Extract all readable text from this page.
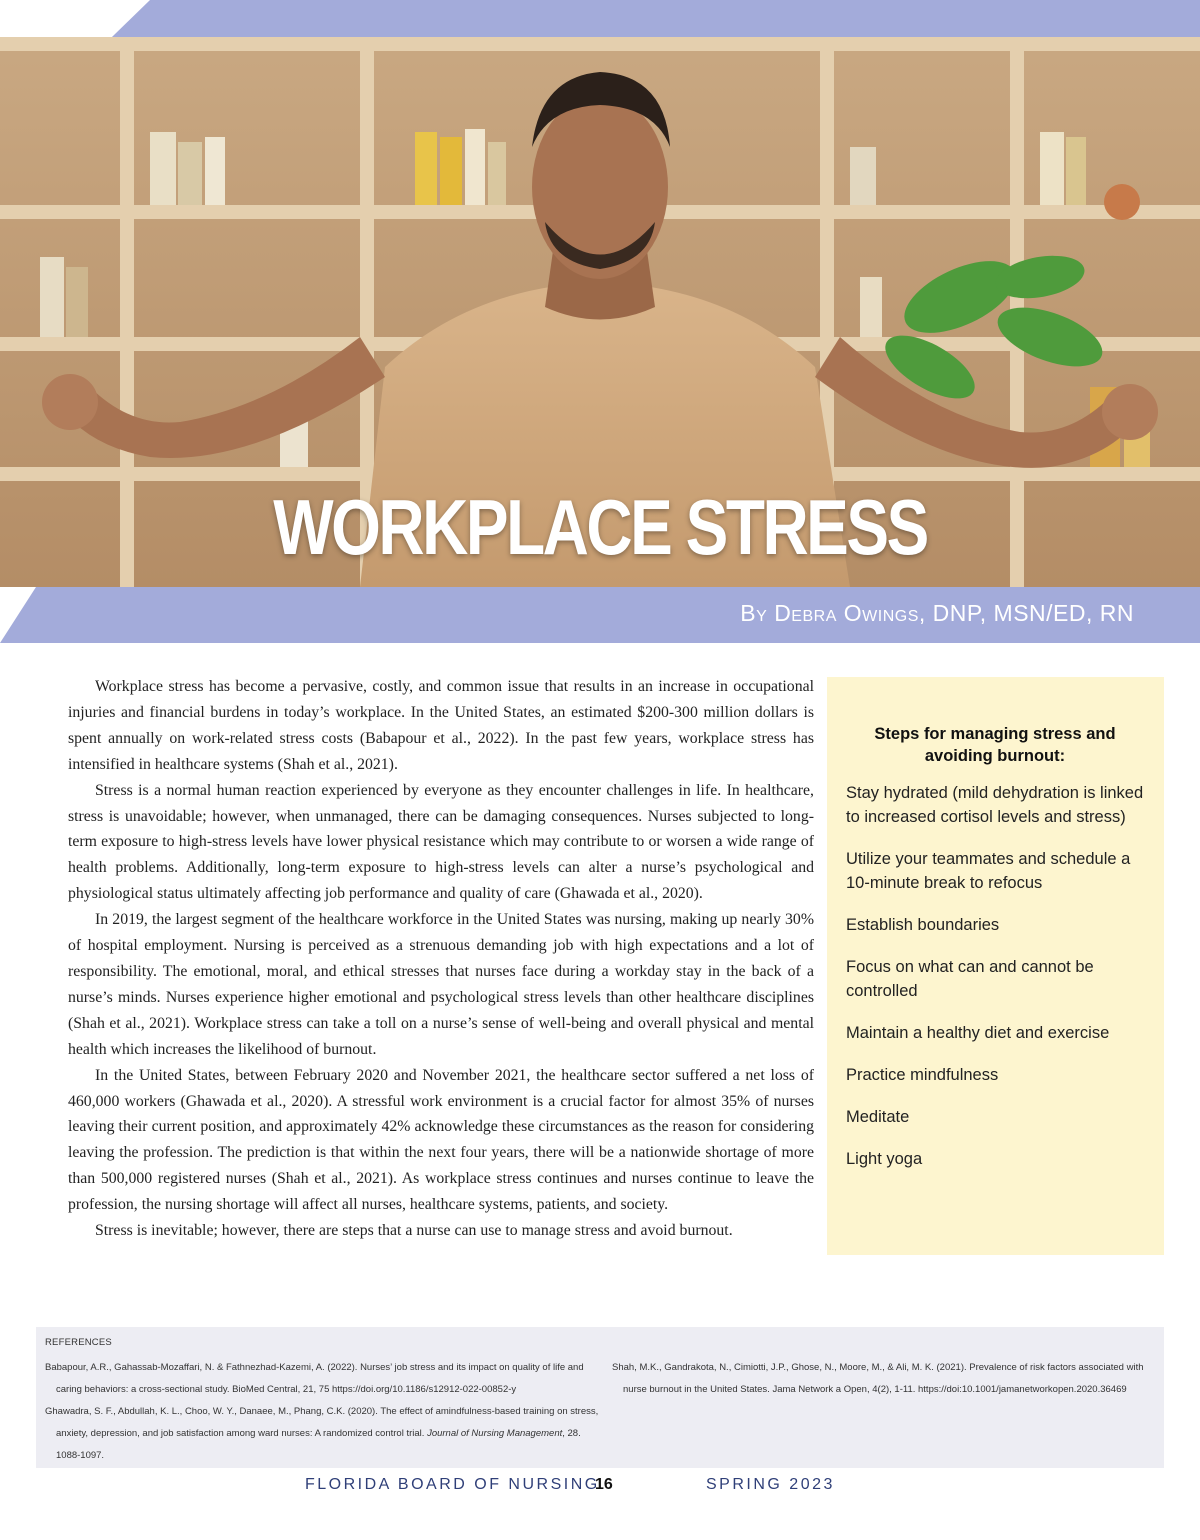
WORKPLACE STRESS
By Debra Owings, DNP, MSN/ED, RN

Workplace stress has become a pervasive, costly, and common issue that results in an increase in occupational injuries and financial burdens in today’s workplace. In the United States, an estimated $200-300 million dollars is spent annually on work-related stress costs (Babapour et al., 2022). In the past few years, workplace stress has intensified in healthcare systems (Shah et al., 2021).

Stress is a normal human reaction experienced by everyone as they encounter challenges in life. In healthcare, stress is unavoidable; however, when unmanaged, there can be damaging consequences. Nurses subjected to long-term exposure to high-stress levels have lower physical resistance which may contribute to or worsen a wide range of health problems. Additionally, long-term exposure to high-stress levels can alter a nurse’s psychological and physiological status ultimately affecting job performance and quality of care (Ghawada et al., 2020).

In 2019, the largest segment of the healthcare workforce in the United States was nursing, making up nearly 30% of hospital employment. Nursing is perceived as a strenuous demanding job with high expectations and a lot of responsibility. The emotional, moral, and ethical stresses that nurses face during a workday stay in the back of a nurse’s minds. Nurses experience higher emotional and psychological stress levels than other healthcare disciplines (Shah et al., 2021). Workplace stress can take a toll on a nurse’s sense of well-being and overall physical and mental health which increases the likelihood of burnout.

In the United States, between February 2020 and November 2021, the healthcare sector suffered a net loss of 460,000 workers (Ghawada et al., 2020). A stressful work environment is a crucial factor for almost 35% of nurses leaving their current position, and approximately 42% acknowledge these circumstances as the reason for considering leaving the profession. The prediction is that within the next four years, there will be a nationwide shortage of more than 500,000 registered nurses (Shah et al., 2021). As workplace stress continues and nurses continue to leave the profession, the nursing shortage will affect all nurses, healthcare systems, patients, and society.

Stress is inevitable; however, there are steps that a nurse can use to manage stress and avoid burnout.

Steps for managing stress and avoiding burnout:
Stay hydrated (mild dehydration is linked to increased cortisol levels and stress)
Utilize your teammates and schedule a 10-minute break to refocus
Establish boundaries
Focus on what can and cannot be controlled
Maintain a healthy diet and exercise
Practice mindfulness
Meditate
Light yoga
REFERENCES

Babapour, A.R., Gahassab-Mozaffari, N. & Fathnezhad-Kazemi, A. (2022). Nurses’ job stress and its impact on quality of life and caring behaviors: a cross-sectional study. BioMed Central, 21, 75 https://doi.org/10.1186/s12912-022-00852-y

Ghawadra, S. F., Abdullah, K. L., Choo, W. Y., Danaee, M., Phang, C.K. (2020). The effect of amindfulness-based training on stress, anxiety, depression, and job satisfaction among ward nurses: A randomized control trial. Journal of Nursing Management, 28. 1088-1097.

Shah, M.K., Gandrakota, N., Cimiotti, J.P., Ghose, N., Moore, M., & Ali, M. K. (2021). Prevalence of risk factors associated with nurse burnout in the United States. Jama Network a Open, 4(2), 1-11. https://doi:10.1001/jamanetworkopen.2020.36469

FLORIDA BOARD OF NURSING
16	SPRING 2023
